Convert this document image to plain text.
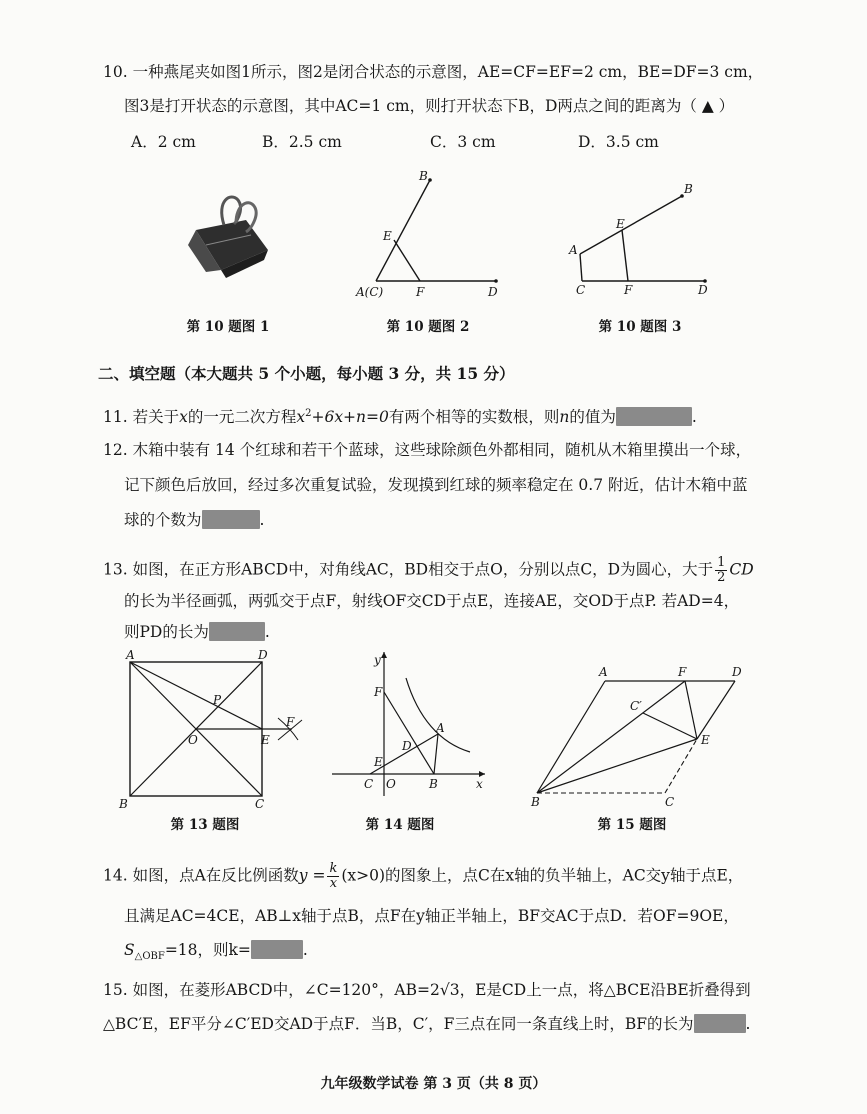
10. 一种燕尾夹如图1所示，图2是闭合状态的示意图，AE=CF=EF=2 cm，BE=DF=3 cm，
图3是打开状态的示意图，其中AC=1 cm，则打开状态下B，D两点之间的距离为（ ▲ ）
A．2 cm	B．2.5 cm	C．3 cm	D．3.5 cm
第 10 题图 1
B
E
A(C)	F	D
第 10 题图 2
B
E
A
C	F	D
第 10 题图 3
二、填空题（本大题共 5 个小题，每小题 3 分，共 15 分）
11. 若关于x的一元二次方程$x^2+6x+n=0$有两个相等的实数根，则n的值为	.
12. 木箱中装有 14 个红球和若干个蓝球，这些球除颜色外都相同，随机从木箱里摸出一个球，
记下颜色后放回，经过多次重复试验，发现摸到红球的频率稳定在 0.7 附近，估计木箱中蓝
球的个数为	.
13. 如图，在正方形ABCD中，对角线AC，BD相交于点O，分别以点C，D为圆心，大于 $\frac{1}{2}$ CD
的长为半径画弧，两弧交于点F，射线OF交CD于点E，连接AE，交OD于点P. 若AD=4，
则PD的长为	.
A	D
P
O	E
F
B	C
第 13 题图
y
x
F
A
D
E
C O	B
第 14 题图
A	F	D
C′
E
B	C
第 15 题图
14. 如图，点A在反比例函数$y = \frac{k}{x} (x>0)$的图象上，点C在x轴的负半轴上，AC交y轴于点E，
且满足AC=4CE，AB⊥x轴于点B，点F在y轴正半轴上，BF交AC于点D．若OF=9OE，
$S_{\triangle OBF}=18$，则k=	.
15. 如图，在菱形ABCD中，∠C=120°，AB=2√3，E是CD上一点，将△BCE沿BE折叠得到
△BC′E，EF平分∠C′ED交AD于点F．当B，C′，F三点在同一条直线上时，BF的长为	.
九年级数学试卷 第 3 页（共 8 页）
